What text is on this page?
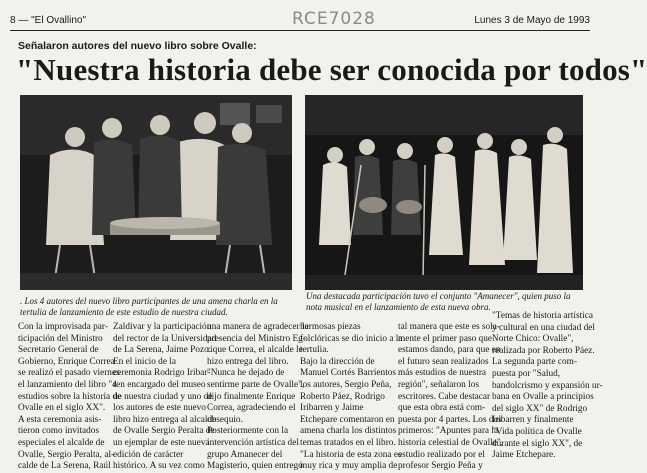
8 — "El Ovallino"	Lunes 3 de Mayo de 1993
RCE7028
Señalaron autores del nuevo libro sobre Ovalle:
"Nuestra historia debe ser conocida por todos"
. Los 4 autores del nuevo libro participantes de una amena charla en la tertulia de lanzamiento de este estudio de nuestra ciudad.
Una destacada participación tuvo el conjunto "Amanecer", quien puso la nota musical en el lanzamiento de esta nueva obra.
Con la improvisada par-
ticipación del Ministro
Secretario General de
Gobierno, Enrique Correa
se realizó el pasado viernes
el lanzamiento del libro "4
estudios sobre la historia de
Ovalle en el siglo XX".
A esta ceremonia asis-
tieron como invitados
especiales el alcalde de
Ovalle, Sergio Peralta, al-
calde de La Serena, Raúl
Zaldívar y la participación
del rector de la Universidad
de La Serena, Jaime Pozo.
En el inicio de la
ceremonia Rodrigo Iribar-
ren encargado del museo
de nuestra ciudad y uno de
los autores de este nuevo
libro hizo entrega al alcalde
de Ovalle Sergio Peralta de
un ejemplar de este nueva
edición de carácter
histórico. A su vez como
una manera de agradecer la
presencia del Ministro Eg-
rique Correa, el alcalde le
hizo entrega del libro.
"Nunca he dejado de
sentirme parte de Ovalle",
dijo finalmente Enrique
Correa, agradeciendo el
obsequio.
Posteriormente con la
intervención artística del
grupo Amanecer del
Magisterio, quien entregó
hermosas piezas
folclóricas se dio inicio a la
tertulia.
Bajo la dirección de
Manuel Cortés Barrientos
los autores, Sergio Peña,
Roberto Páez, Rodrigo
Iribarren y Jaime
Etchepare comentaron en
amena charla los distintos
temas tratados en el libro.
"La historia de esta zona es
muy rica y muy amplia de
tal manera que este es sola-
mente el primer paso que
estamos dando, para que en
el futuro sean realizados
más estudios de nuestra
región", señalaron los
escritores. Cabe destacar
que esta obra está com-
puesta por 4 partes. Los dos
primeros: "Apuntes para la
historia celestial de Ovalle",
estudio realizado por el
profesor Sergio Peña y
"Temas de historia artística
y cultural en una ciudad del
Norte Chico: Ovalle",
realizada por Roberto Páez.
La segunda parte com-
puesta por "Salud,
bandolcrismo y expansión ur-
bana en Ovalle a principios
del siglo XX" de Rodrigo
Iribarren y finalmente
"Vida política de Ovalle
durante el siglo XX", de
Jaime Etchepare.
